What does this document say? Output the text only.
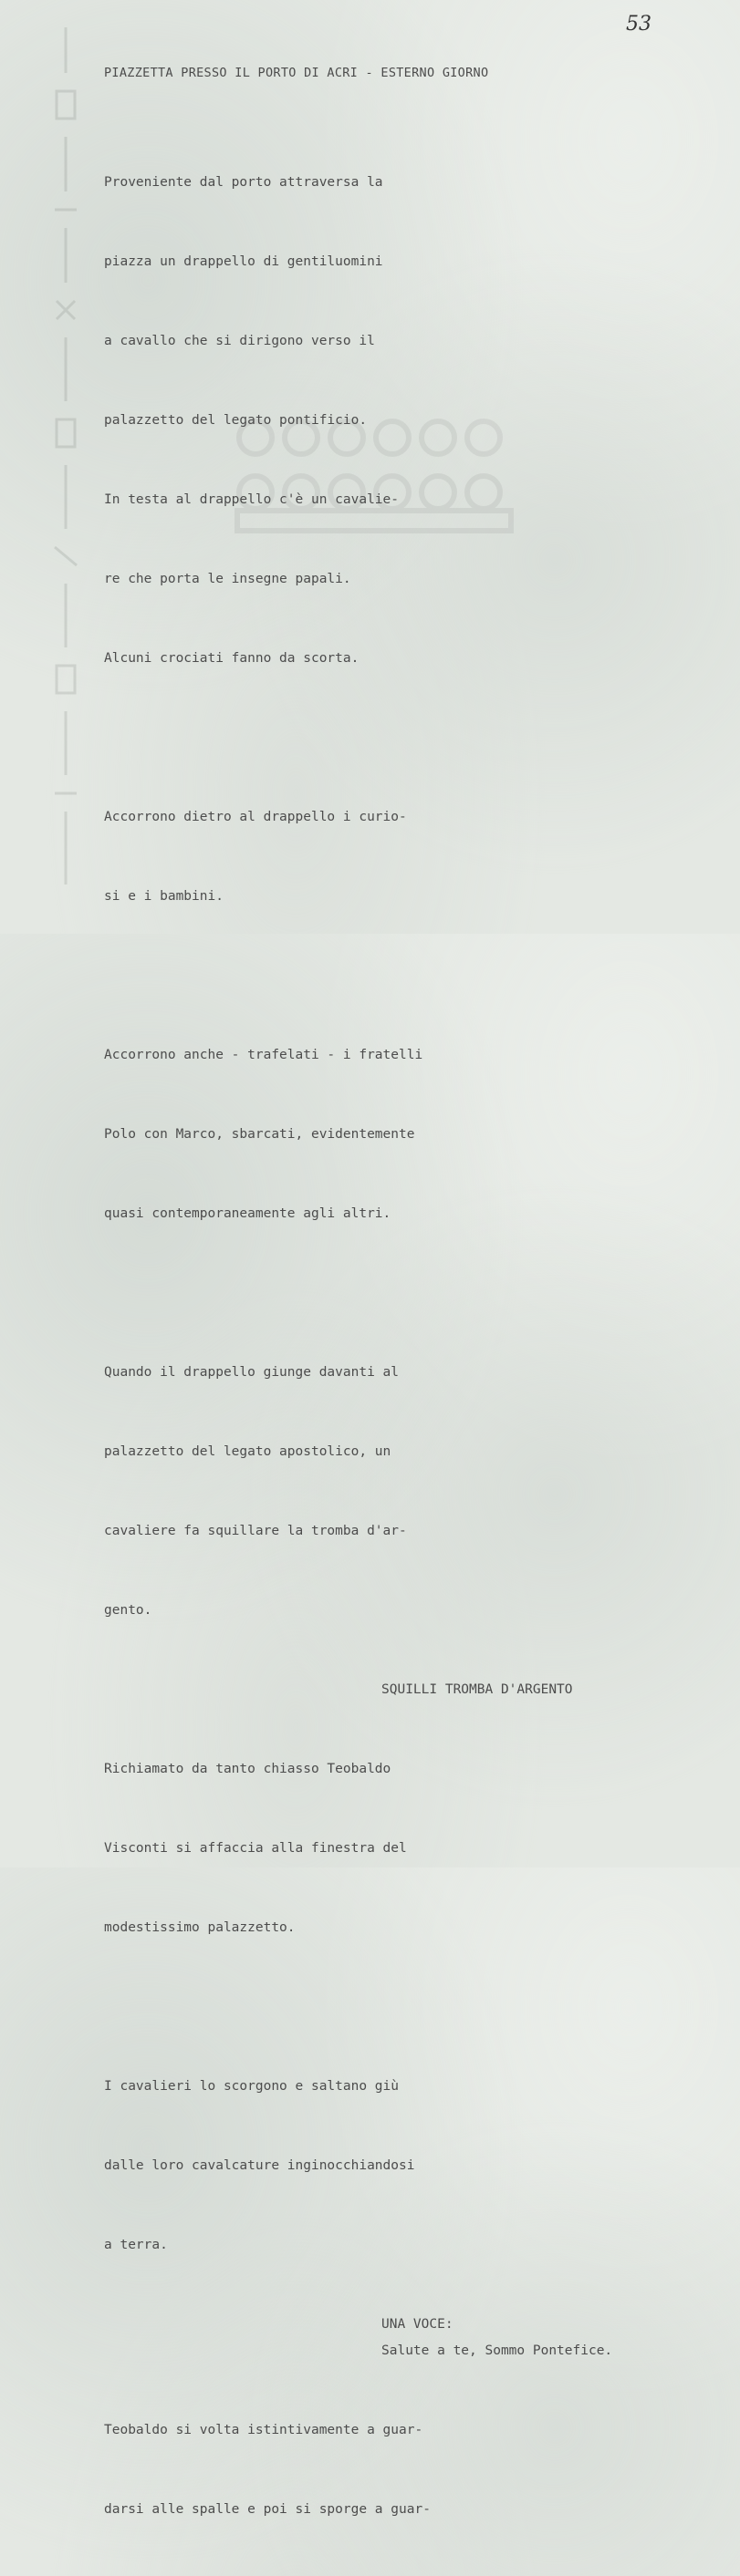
53
PIAZZETTA PRESSO IL PORTO DI ACRI - ESTERNO GIORNO

Proveniente dal porto attraversa la

piazza un drappello di gentiluomini

a cavallo che si dirigono verso il

palazzetto del legato pontificio.

In testa al drappello c'è un cavalie-

re che porta le insegne papali.

Alcuni crociati fanno da scorta.

Accorrono dietro al drappello i curio-

si e i bambini.

Accorrono anche - trafelati - i fratelli

Polo con Marco, sbarcati, evidentemente

quasi contemporaneamente agli altri.

Quando il drappello giunge davanti al

palazzetto del legato apostolico, un

cavaliere fa squillare la tromba d'ar-

gento.

SQUILLI TROMBA D'ARGENTO

Richiamato da tanto chiasso Teobaldo

Visconti si affaccia alla finestra del

modestissimo palazzetto.

I cavalieri lo scorgono e saltano giù

dalle loro cavalcature inginocchiandosi

a terra.

UNA VOCE:
Salute a te, Sommo Pontefice.

Teobaldo si volta istintivamente a guar-

darsi alle spalle e poi si sporge a guar-
